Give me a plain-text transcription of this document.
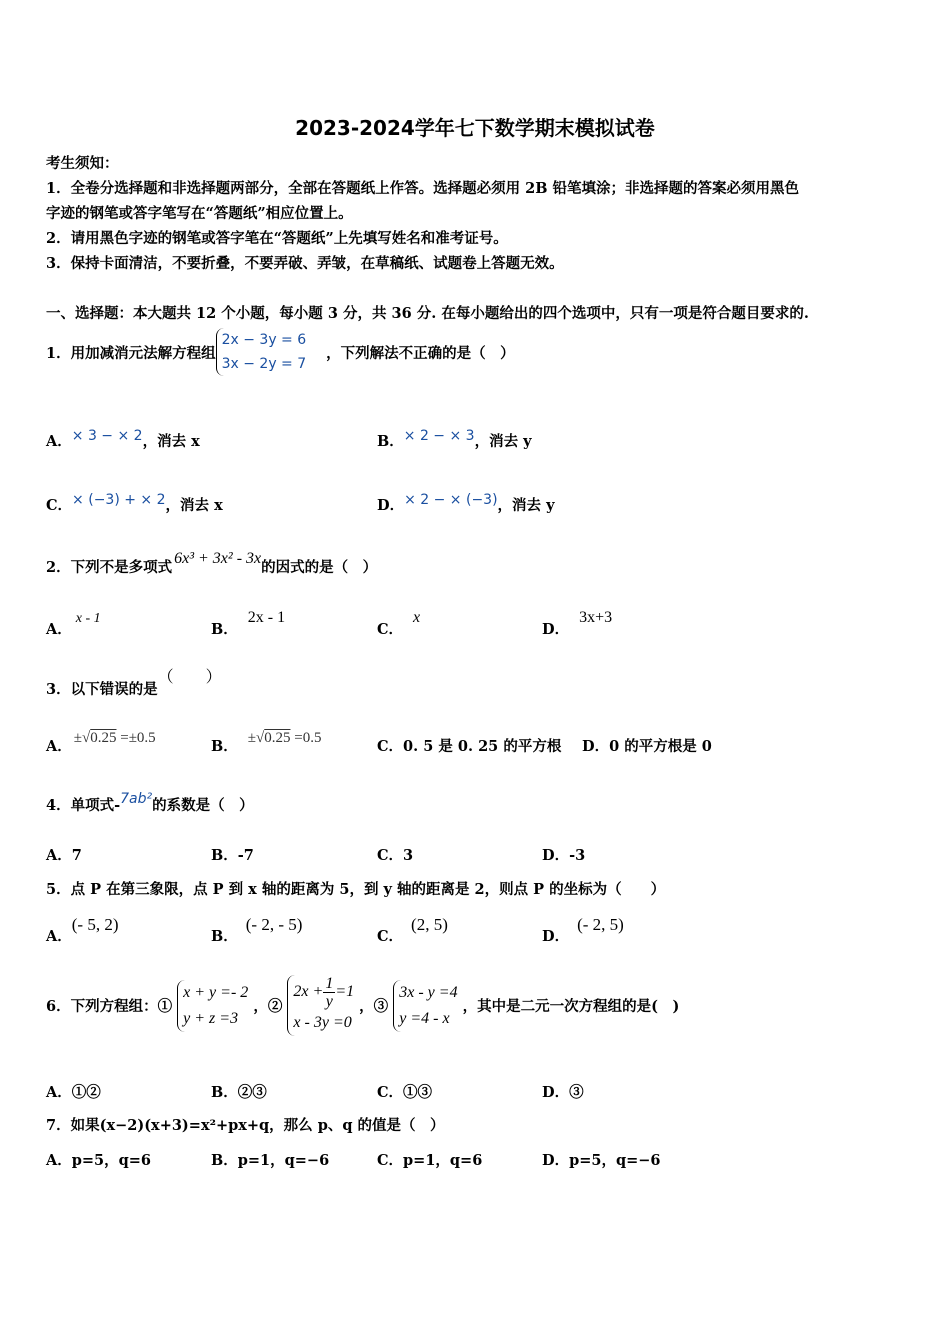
2023-2024学年七下数学期末模拟试卷
考生须知：
1．全卷分选择题和非选择题两部分，全部在答题纸上作答。选择题必须用 2B 铅笔填涂；非选择题的答案必须用黑色
字迹的钢笔或答字笔写在“答题纸”相应位置上。
2．请用黑色字迹的钢笔或答字笔在“答题纸”上先填写姓名和准考证号。
3．保持卡面清洁，不要折叠，不要弄破、弄皱，在草稿纸、试题卷上答题无效。
一、选择题：本大题共 12 个小题，每小题 3 分，共 36 分. 在每小题给出的四个选项中，只有一项是符合题目要求的.
1．用加减消元法解方程组
2x − 3y = 6
3x − 2y = 7
，下列解法不正确的是（　）
A．× 3 − × 2，消去 x	B．× 2 − × 3，消去 y
C．× (−3) + × 2，消去 x	D．× 2 − × (−3)，消去 y
2．下列不是多项式6x³ + 3x² - 3x的因式的是（　）
A．x - 1
B．2x - 1
C．x
D．3x+3
3．以下错误的是（　　）
A． ±√0.25 =±0.5	B． ±√0.25 =0.5	C．0. 5 是 0. 25 的平方根 D．0 的平方根是 0
4．单项式-7ab²的系数是（　）
A．7	B．-7	C．3	D．-3
5．点 P 在第三象限，点 P 到 x 轴的距离为 5，到 y 轴的距离是 2，则点 P 的坐标为（　　）
A．(- 5, 2)
B．(- 2, - 5)
C．(2, 5)
D．(- 2, 5)
6．下列方程组：①
x + y =- 2
y + z =3
，②
$2x + \frac{1}{y} =1$
x - 3y =0
，③
3x - y =4
y =4 - x
，其中是二元一次方程组的是(　)
A．①②	B．②③	C．①③	D．③
7．如果(x−2)(x+3)=x²+px+q，那么 p、q 的值是（　）
A．p=5，q=6	B．p=1，q=−6	C．p=1，q=6	D．p=5，q=−6
